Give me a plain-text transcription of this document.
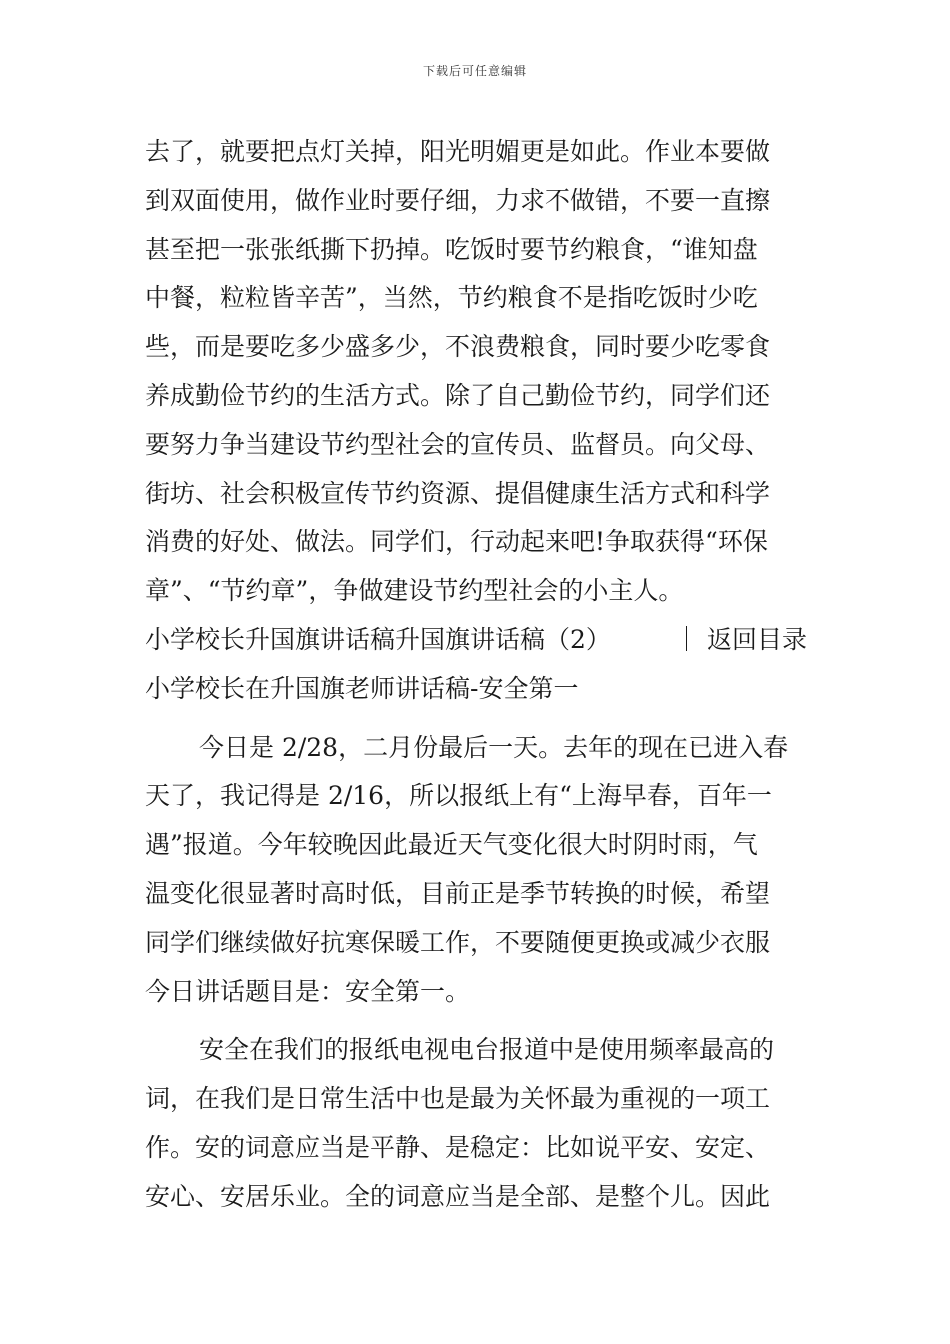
下载后可任意编辑
去了，就要把点灯关掉，阳光明媚更是如此。作业本要做
到双面使用，做作业时要仔细，力求不做错，不要一直擦
甚至把一张张纸撕下扔掉。吃饭时要节约粮食，“谁知盘
中餐，粒粒皆辛苦”，当然，节约粮食不是指吃饭时少吃
些，而是要吃多少盛多少，不浪费粮食，同时要少吃零食
养成勤俭节约的生活方式。除了自己勤俭节约，同学们还
要努力争当建设节约型社会的宣传员、监督员。向父母、
街坊、社会积极宣传节约资源、提倡健康生活方式和科学
消费的好处、做法。同学们，行动起来吧!争取获得“环保
章”、“节约章”，争做建设节约型社会的小主人。
小学校长升国旗讲话稿升国旗讲话稿（2）	｜ 返回目录
小学校长在升国旗老师讲话稿-安全第一
今日是 2/28，二月份最后一天。去年的现在已进入春
天了，我记得是 2/16，所以报纸上有“上海早春，百年一
遇”报道。今年较晚因此最近天气变化很大时阴时雨，气
温变化很显著时高时低，目前正是季节转换的时候，希望
同学们继续做好抗寒保暖工作，不要随便更换或减少衣服
今日讲话题目是：安全第一。
安全在我们的报纸电视电台报道中是使用频率最高的
词，在我们是日常生活中也是最为关怀最为重视的一项工
作。安的词意应当是平静、是稳定：比如说平安、安定、
安心、安居乐业。全的词意应当是全部、是整个儿。因此
